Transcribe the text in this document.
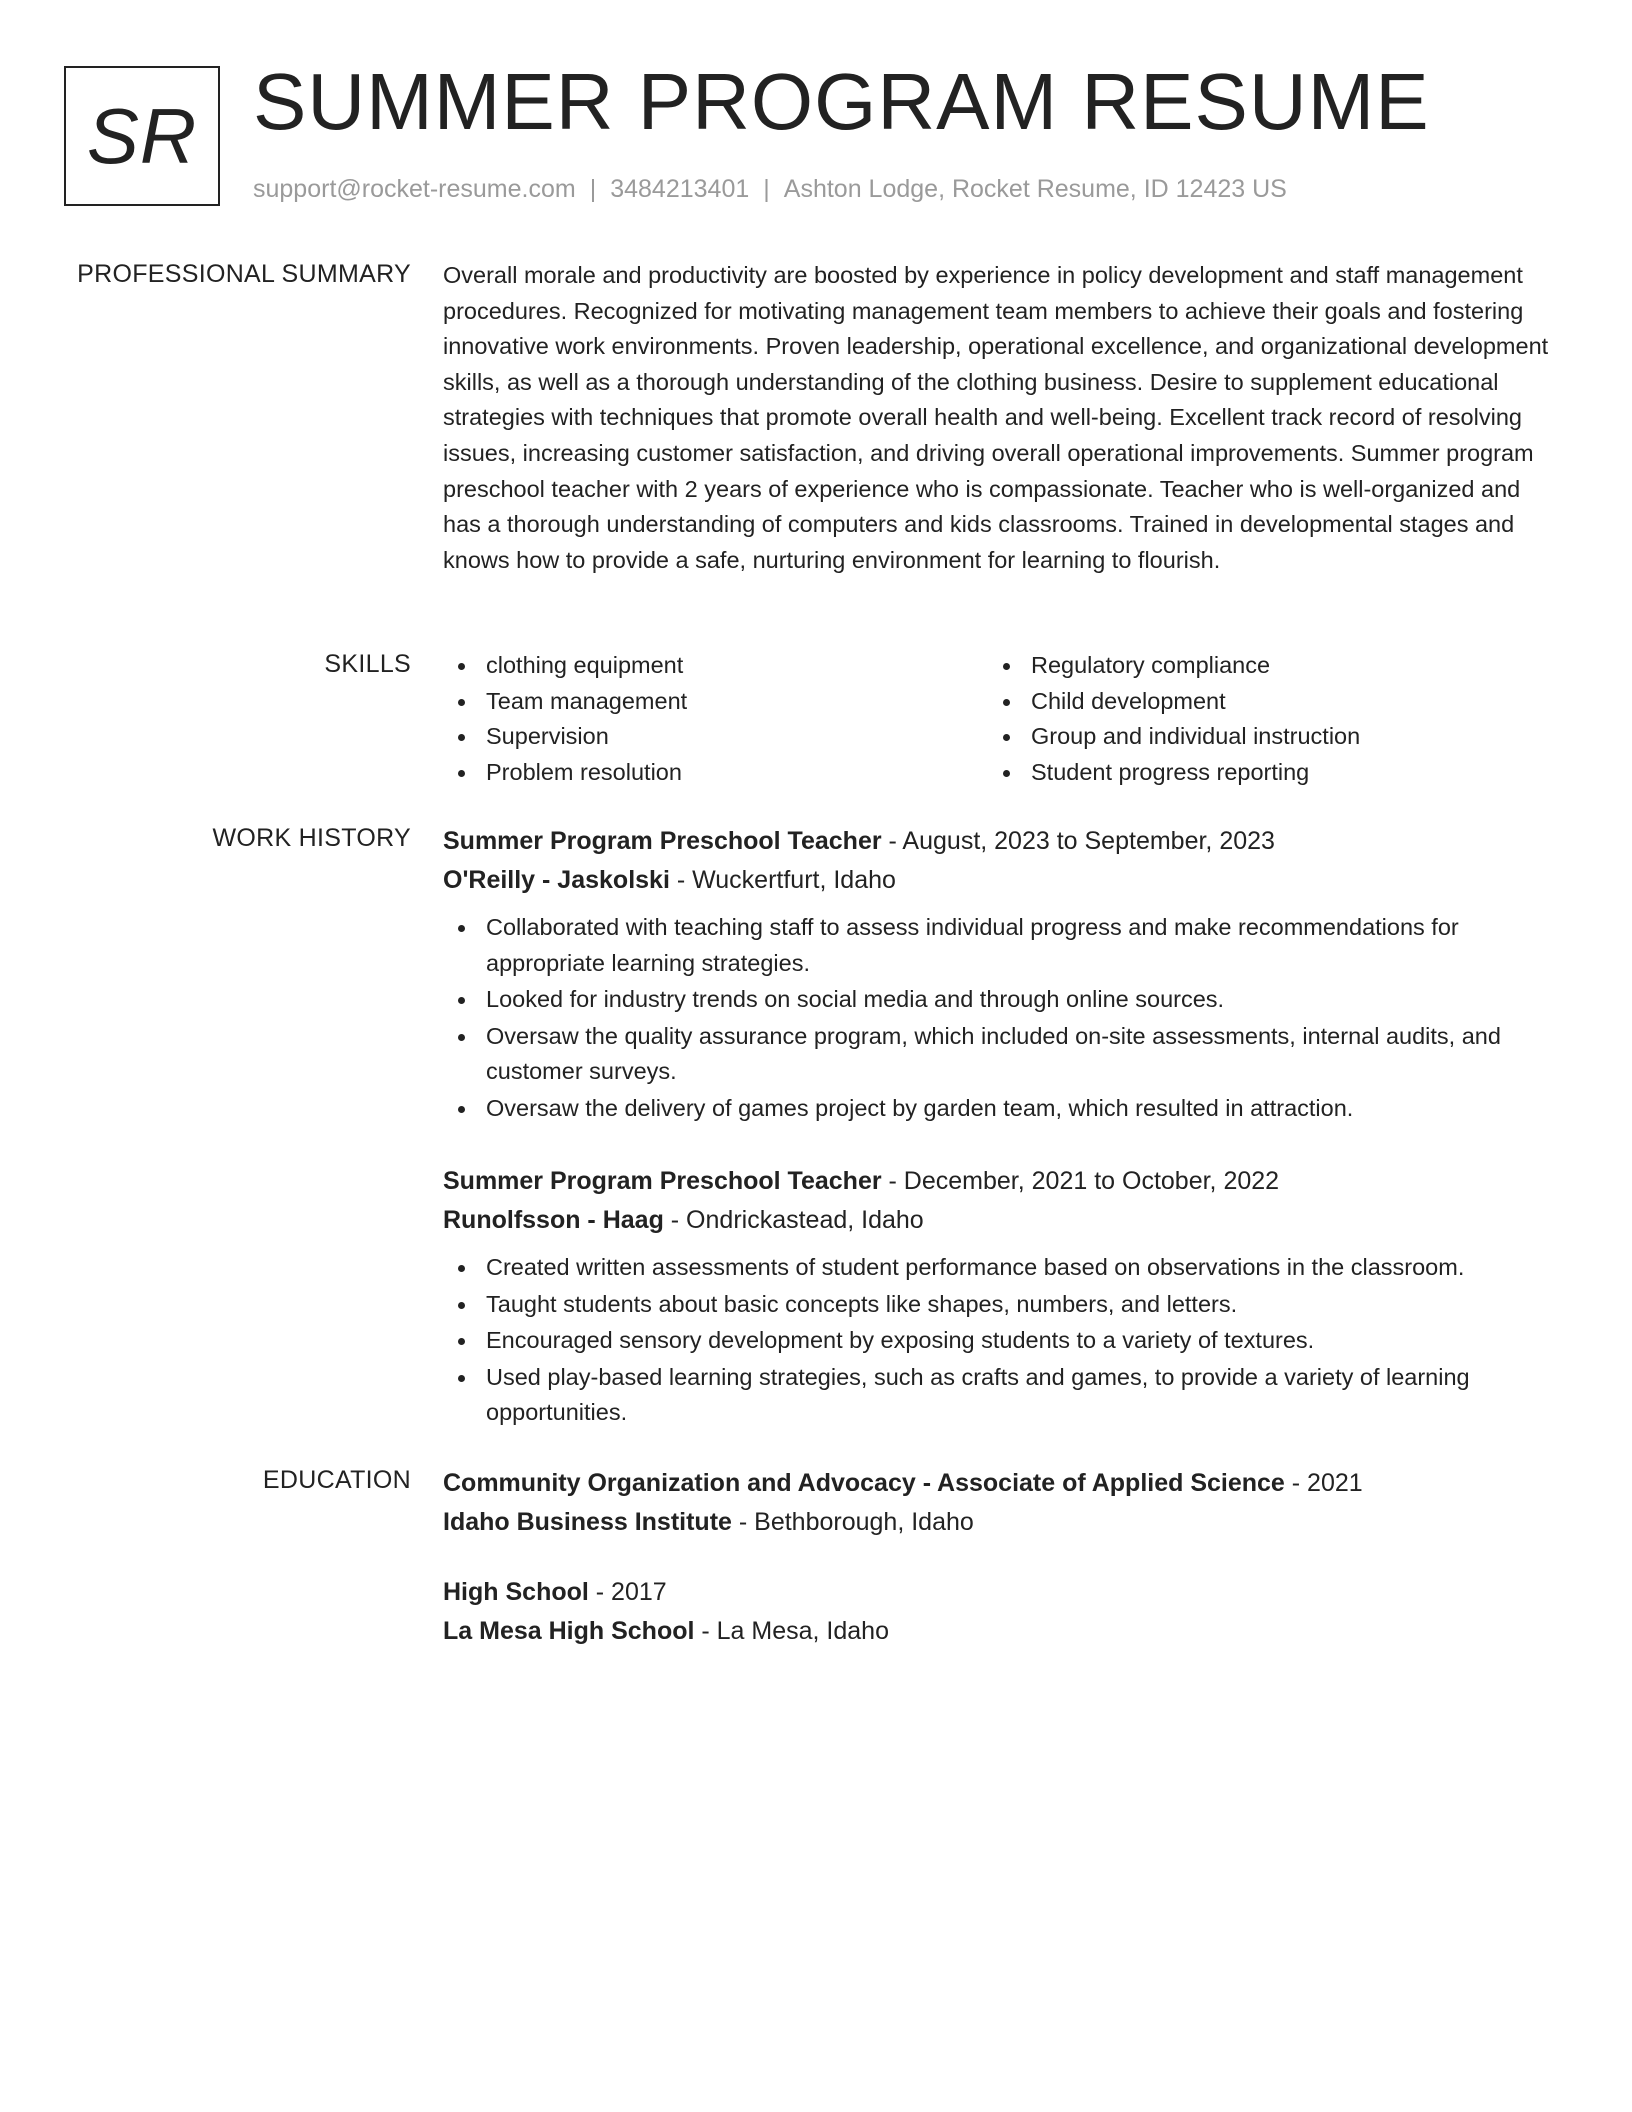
SR SUMMER PROGRAM RESUME
support@rocket-resume.com | 3484213401 | Ashton Lodge, Rocket Resume, ID 12423 US
PROFESSIONAL SUMMARY Overall morale and productivity are boosted by experience in policy development and staff management procedures. Recognized for motivating management team members to achieve their goals and fostering innovative work environments. Proven leadership, operational excellence, and organizational development skills, as well as a thorough understanding of the clothing business. Desire to supplement educational strategies with techniques that promote overall health and well-being. Excellent track record of resolving issues, increasing customer satisfaction, and driving overall operational improvements. Summer program preschool teacher with 2 years of experience who is compassionate. Teacher who is well-organized and has a thorough understanding of computers and kids classrooms. Trained in developmental stages and knows how to provide a safe, nurturing environment for learning to flourish.

SKILLS	clothing equipment
Team management
Supervision
Problem resolution
Regulatory compliance
Child development
Group and individual instruction
Student progress reporting
WORK HISTORY Summer Program Preschool Teacher - August, 2023 to September, 2023
O'Reilly - Jaskolski - Wuckertfurt, Idaho
Collaborated with teaching staff to assess individual progress and make recommendations for appropriate learning strategies.
Looked for industry trends on social media and through online sources.
Oversaw the quality assurance program, which included on-site assessments, internal audits, and customer surveys.
Oversaw the delivery of games project by garden team, which resulted in attraction.
Summer Program Preschool Teacher - December, 2021 to October, 2022
Runolfsson - Haag - Ondrickastead, Idaho
Created written assessments of student performance based on observations in the classroom.
Taught students about basic concepts like shapes, numbers, and letters.
Encouraged sensory development by exposing students to a variety of textures.
Used play-based learning strategies, such as crafts and games, to provide a variety of learning opportunities.
EDUCATION Community Organization and Advocacy - Associate of Applied Science - 2021
Idaho Business Institute - Bethborough, Idaho
High School - 2017
La Mesa High School - La Mesa, Idaho
